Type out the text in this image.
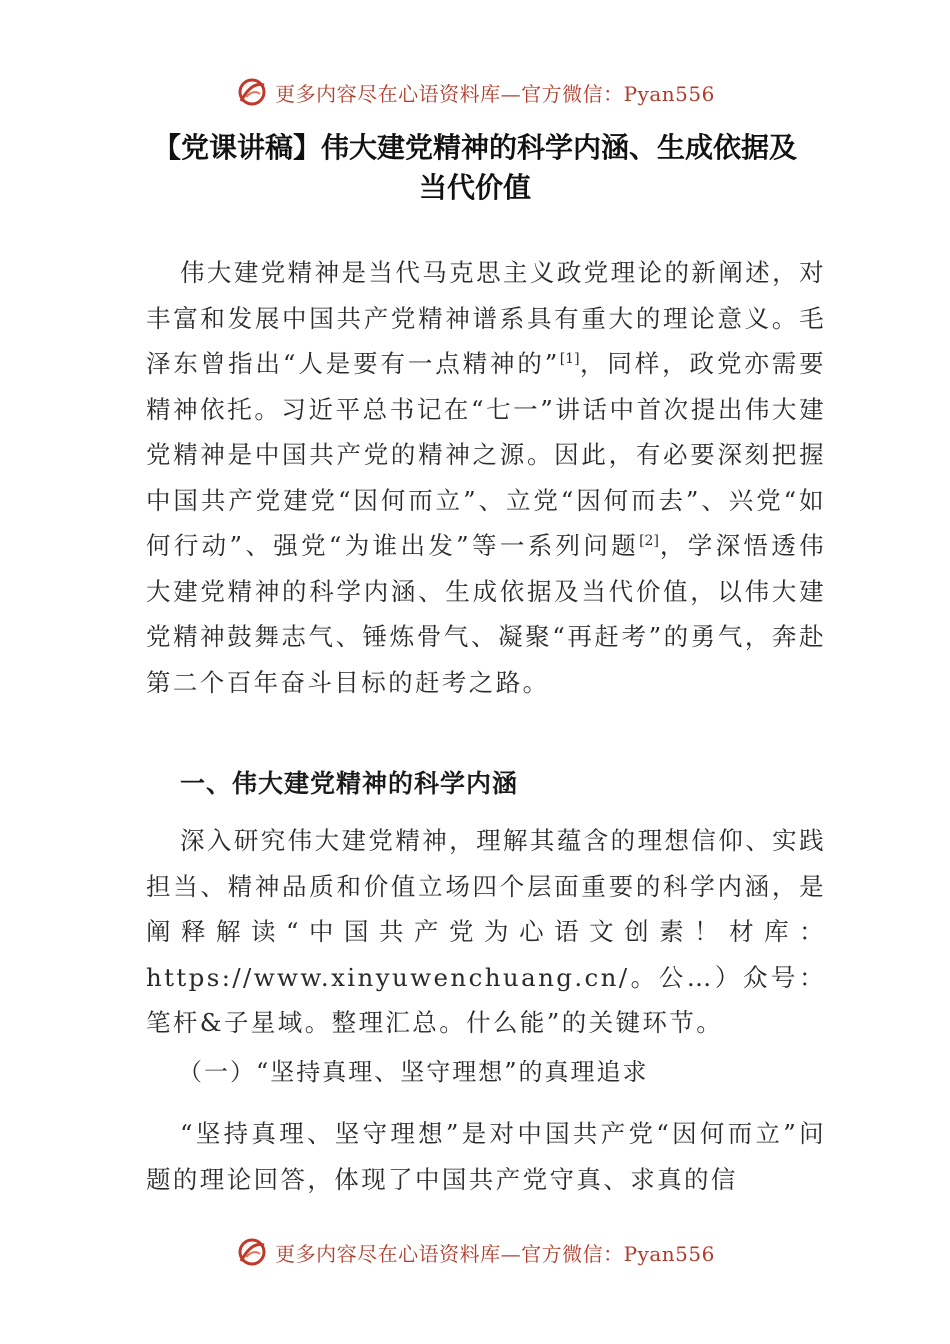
更多内容尽在心语资料库—官方微信：Pyan556
【党课讲稿】伟大建党精神的科学内涵、生成依据及当代价值

伟大建党精神是当代马克思主义政党理论的新阐述，对丰富和发展中国共产党精神谱系具有重大的理论意义。毛泽东曾指出“人是要有一点精神的”[1]，同样，政党亦需要精神依托。习近平总书记在“七一”讲话中首次提出伟大建党精神是中国共产党的精神之源。因此，有必要深刻把握中国共产党建党“因何而立”、立党“因何而去”、兴党“如何行动”、强党“为谁出发”等一系列问题[2]，学深悟透伟大建党精神的科学内涵、生成依据及当代价值，以伟大建党精神鼓舞志气、锤炼骨气、凝聚“再赶考”的勇气，奔赴第二个百年奋斗目标的赶考之路。

一、伟大建党精神的科学内涵

深入研究伟大建党精神，理解其蕴含的理想信仰、实践担当、精神品质和价值立场四个层面重要的科学内涵，是阐释解读“中国共产党为心语文创素！材库：https://www.xinyuwenchuang.cn/。公…）众号：笔杆&子星域。整理汇总。什么能”的关键环节。

（一）“坚持真理、坚守理想”的真理追求

“坚持真理、坚守理想”是对中国共产党“因何而立”问题的理论回答，体现了中国共产党守真、求真的信

更多内容尽在心语资料库—官方微信：Pyan556
